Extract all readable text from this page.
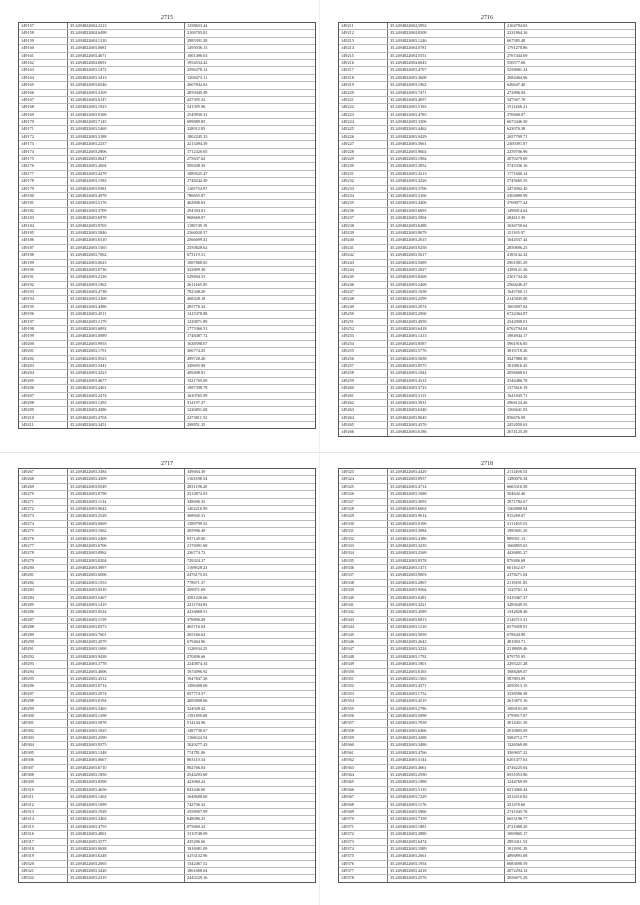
2715
149157	35.2494822684.2213	1258653.44
149158	35.2494822684.6498	2106705.81
149159	35.2494822684.1310	2985391.28
149160	35.2494822683.0681	1495036.13
149161	35.2494822683.4671	1601496.63
149162	35.2494822684.0691	1954534.42
149163	35.2494822683.1472	2596378.12
149164	35.2494822683.3413	1268473.11
149165	35.2494822683.6546	2607842.63
149166	35.2494822683.4109	2859445.49
149167	35.2494822683.6147	427395.32
149168	35.2494822683.1923	541395.96
149169	35.2494822683.9168	2549930.31
149170	35.2494822683.7145	699889.85
149171	35.2494822683.5460	328912.85
149172	35.2494822683.3188	1802245.33
149173	35.2494822683.2237	2213494.39
149174	35.2494822683.2806	1712320.65
149175	35.2494822683.0647	275637.62
149176	35.2494822683.2604	509208.39
149177	35.2494822683.4279	1889525.47
149178	35.2494822683.1583	1748242.49
149179	35.2494822683.9381	1105754.97
149180	35.2494822683.4978	786655.87
149181	35.2494822683.5176	462806.63
149182	35.2494822683.3709	294394.81
149183	35.2494822683.6978	968668.07
149184	35.2494822683.9765	1180749.19
149185	35.2494822683.5846	2366020.37
149186	35.2494822683.6310	2566699.41
149187	35.2494822683.1565	2550828.62
149188	35.2494822683.7062	673119.31
149189	35.2494822683.0623	1687868.65
149190	35.2494822683.0736	332809.30
149191	35.2494822683.2126	539694.53
149192	35.2494822683.1962	2611465.95
149193	35.2494822683.4738	782348.20
149194	35.2494822683.2168	468428.18
149195	35.2494822683.4486	285776.34
149196	35.2494822683.4511	1415378.88
149197	35.2494822683.2179	1229871.89
149198	35.2494822683.6892	1775366.51
149199	35.2494822683.0089	1748487.72
149200	35.2494822683.9953	1638598.67
149201	35.2494822683.1791	306774.25
149202	35.2494822683.9523	499728.26
149203	35.2494822683.3441	349695.89
149204	35.2494822683.3223	409498.81
149205	35.2494822683.4677	1321765.69
149206	35.2494822683.4461	1987398.78
149207	35.2494822683.2474	1620765.99
149208	35.2494822683.1292	314197.37
149209	35.2494822683.4386	1226851.68
149210	35.2494822683.4704	2473811.52
149211	35.2494822683.3451	298851.35
2716
149211	35.2494822684.5992	2104794.63
149212	35.2494822684.8308	2331864.16
149213	35.2494822683.1246	667585.48
149214	35.2494822684.0781	1791270.86
149215	35.2494822684.5551	2767444.69
149216	35.2494822684.6643	550577.66
149217	35.2494822683.4797	5258681.24
149218	35.2494822683.3608	2684464.96
149219	35.2494822683.1962	626647.40
149220	35.2494822683.7471	272886.84
149221	35.2494822683.4057	547567.70
149222	35.2494822683.5183	1511466.21
149223	35.2494822683.4785	370668.07
149224	35.2494822683.3306	6673446.50
149225	35.2494822683.4462	623076.38
149226	35.2494822683.9429	2657799.71
149227	35.2494822683.5661	2300391.87
149228	35.2494822683.9602	2259706.96
149229	35.2494822683.1964	2070279.69
149230	35.2494822683.3852	5745336.16
149231	35.2494822683.4213	1771600.14
149232	35.2494822683.3226	5745665.35
149233	35.2494822683.3706	3474902.45
149234	35.2494822683.3166	2304880.99
149235	35.2494822683.4406	3769077.24
149236	35.2494822683.6693	1496914.64
149237	35.2494822683.5904	284615.39
149238	35.2494822683.6488	1636750.64
149239	35.2494822683.8679	151165.97
149240	35.2494822683.2615	1044537.44
149241	35.2494822683.9258	2850696.25
149242	35.2494822683.5617	4183142.24
149243	35.2494822683.5689	2961081.29
149244	35.2494822683.2927	4188121.36
149245	35.2494822683.8268	2101734.20
149246	35.2494822683.2468	2560246.47
149247	35.2494822683.1658	1645760.11
149248	35.2494822683.2599	2145845.06
149249	35.2494822683.2074	1663097.04
149250	35.2494822683.2960	6722364.87
149251	35.2494822683.4958	2542908.01
149252	35.2494822683.6418	6762794.04
149253	35.2494822683.1413	1984944.17
149254	35.2494822683.8587	5961916.85
149255	35.2494822683.5776	3816718.26
149256	35.2494822683.5658	3447880.30
149257	35.2494822683.8575	1018816.45
149258	35.2494822683.1844	2056668.61
149259	35.2494822683.4312	3546486.78
149260	35.2494822683.3723	1375616.19
149261	35.2494822683.3113	1041845.71
149262	35.2494822683.3931	2966124.46
149263	35.2494822683.6340	1366641.03
149264	35.2494822683.8645	856676.09
149265	35.2494822683.4576	2452050.63
149266	35.2494822683.6186	2674125.29
2717
149267	35.2494822683.3384	349694.39
149268	35.2494822683.4309	1163398.54
149269	35.2494822683.0549	2831196.20
149270	35.2494822683.0798	2314872.03
149271	35.2494822683.1134	348696.35
149272	35.2494822683.9642	1402216.99
149273	35.2494822683.2528	368945.31
149274	35.2494822683.0669	1589799.52
149275	35.2494822683.1062	305996.49
149276	35.2494822683.2468	937145.00
149277	35.2494822683.6706	2176091.68
149278	35.2494822683.8962	236774.72
149279	35.2494822683.0204	729324.37
149280	35.2494822683.3897	1169828.23
149281	35.2494822683.6006	2476175.03
149282	35.2494822683.1553	778671.37
149283	35.2494822683.0310	269871.69
149284	35.2494822683.5467	4581226.66
149285	35.2494822683.1419	2211704.83
149286	35.2494822683.0524	4234868.51
149287	35.2494822683.1159	376896.29
149288	35.2494822683.8373	465716.04
149289	35.2494822683.7601	265166.62
149290	35.2494822683.2079	679464.96
149291	35.2494822683.1690	1126934.25
149292	35.2494822683.9438	270496.66
149293	35.2494822683.3778	2240874.34
149294	35.2494822683.4606	1674096.92
149295	35.2494822683.4312	1947847.28
149296	35.2494822683.0714	1496408.06
149297	35.2494822683.2974	857774.57
149298	35.2494822683.0194	2685808.66
149299	35.2494822683.3465	324928.42
149300	35.2494822683.1298	1191186.68
149301	35.2494822683.5878	514144.96
149302	35.2494822683.1825	1487738.67
149303	35.2494822683.2590	1166624.54
149304	35.2494822683.9575	1020277.43
149305	35.2494822683.1248	774781.06
149306	35.2494822683.0667	863110.34
149307	35.2494822683.6710	802766.04
149308	35.2494822683.1850	2544293.68
149309	35.2494822683.8598	423060.24
149310	35.2494822683.4656	822446.60
149311	35.2494822683.1402	1648688.60
149312	35.2494822683.1099	742706.32
149313	35.2494822683.1928	2558907.99
149314	35.2494822683.3402	648086.25
149315	35.2494822683.4755	875669.24
149316	35.2494822683.4861	1310748.09
149317	35.2494822683.3577	435296.66
149318	35.2494822683.9638	1816981.09
149319	35.2494822683.6248	4153132.96
149320	35.2494822683.2065	1342467.52
149321	35.2494822683.3420	1861668.64
149322	35.2494822683.2319	2445229.16
2718
149323	35.2494822683.4429	2111498.53
149324	35.2494822683.8957	1280070.34
149325	35.2494822683.4714	6665316.58
149326	35.2494822683.1688	504642.46
149327	35.2494822683.3093	2971782.67
149328	35.2494822683.6602	1504888.94
149329	35.2494822683.9614	915269.07
149330	35.2494822683.0196	3111495.53
149331	35.2494822683.3984	1985601.20
149332	35.2494822683.4186	889951.13
149333	35.2494822683.3235	1668855.63
149334	35.2494822683.2569	4436801.27
149335	35.2494822683.8378	879486.68
149336	35.2494822683.1471	601162.67
149337	35.2494822683.9003	2378271.04
149338	35.2494822683.2867	2119491.83
149339	35.2494822683.9564	1325761.14
149340	35.2494822683.0281	5419467.37
149341	35.2494822683.3221	3285649.55
149342	35.2494822683.4589	1342828.46
149343	35.2494822683.6813	2146713.31
149344	35.2494822683.1216	6579458.91
149345	35.2494822683.5059	678644.89
149346	35.2494822683.2642	481903.71
149347	35.2494822683.3224	2118809.46
149348	35.2494822683.1792	679755.95
149349	35.2494822683.1801	2295221.28
149350	35.2494822683.0165	1688269.07
149351	35.2494822683.1363	587803.09
149352	35.2494822683.4371	2050513.15
149353	35.2494822683.1752	3338586.38
149354	35.2494822683.4519	2615875.16
149355	35.2494822683.2786	1069101.09
149356	35.2494822683.5098	3799917.87
149357	35.2494822683.7058	3014451.39
149358	35.2494822683.6466	2016805.69
149359	35.2494822683.4288	5684712.77
149360	35.2494822683.3486	1326569.08
149361	35.2494822683.4766	3569657.22
149362	35.2494822683.5144	6201477.63
149363	35.2494822683.4661	4746225.64
149364	35.2494822683.2590	6931053.86
149365	35.2494822683.1988	1244769.99
149366	35.2494822683.5135	6513060.44
149367	35.2494822683.7229	3314510.82
149368	35.2494822683.1176	331470.66
149369	35.2494822683.5966	2741945.76
149370	35.2494822683.7158	6653196.77
149371	35.2494822683.1881	4721068.20
149372	35.2494822683.3880	1069865.17
149373	35.2494822683.6474	2893411.53
149374	35.2494822683.1089	1811891.29
149375	35.2494822683.2661	4896893.08
149376	35.2494822683.1954	6683698.59
149377	35.2494822683.4418	2072294.14
149378	35.2494822683.2576	2656675.29
